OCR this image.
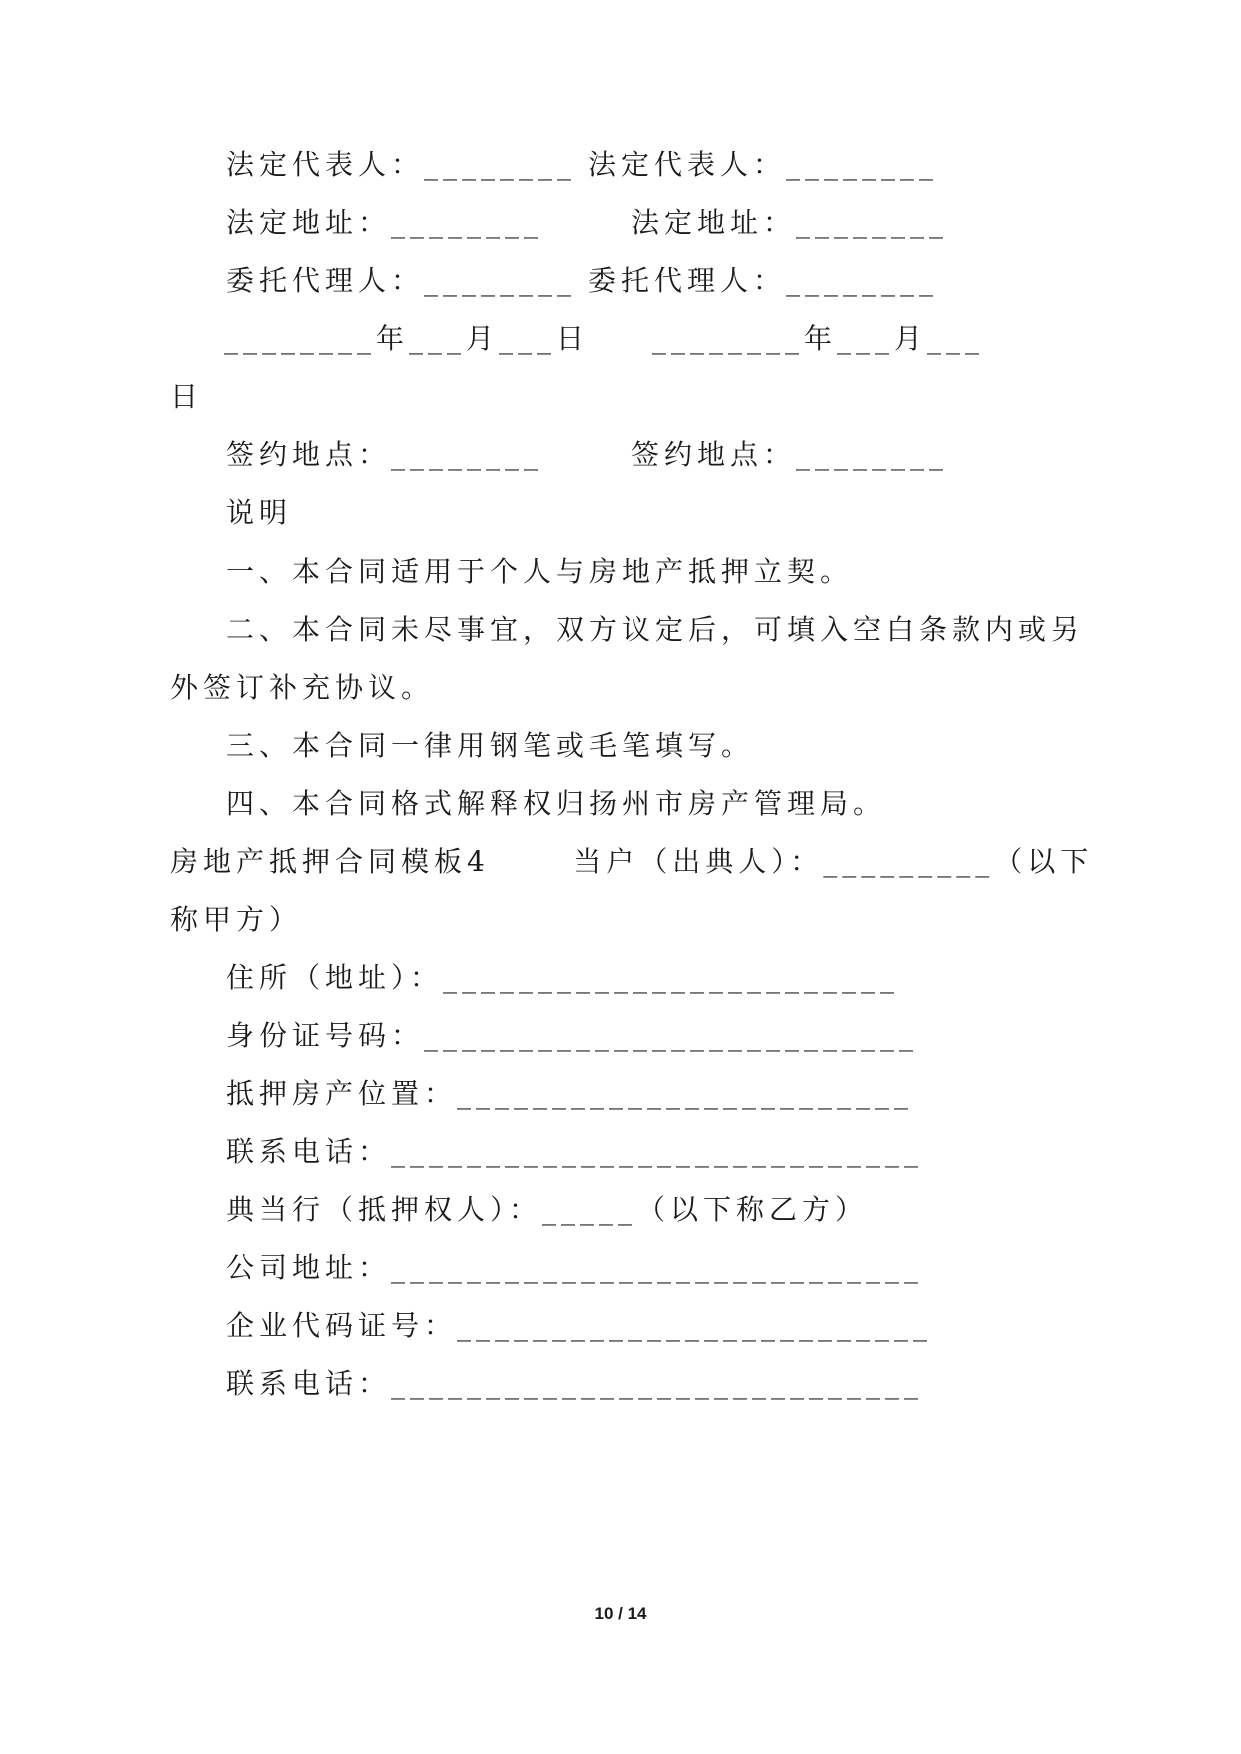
法定代表人：________ 法定代表人：________

法定地址：________	法定地址：________

委托代理人：________ 委托代理人：________

________年___月___日 ________年___月___

日

签约地点：________	签约地点：________

说明

一、本合同适用于个人与房地产抵押立契。

二、本合同未尽事宜，双方议定后，可填入空白条款内或另

外签订补充协议。

三、本合同一律用钢笔或毛笔填写。

四、本合同格式解释权归扬州市房产管理局。

房地产抵押合同模板4      当户（出典人）：_________（以下

称甲方）

住所（地址）：________________________

身份证号码：__________________________

抵押房产位置：________________________

联系电话：____________________________

典当行（抵押权人）：_____（以下称乙方）

公司地址：____________________________

企业代码证号：_________________________

联系电话：____________________________

10 / 14
